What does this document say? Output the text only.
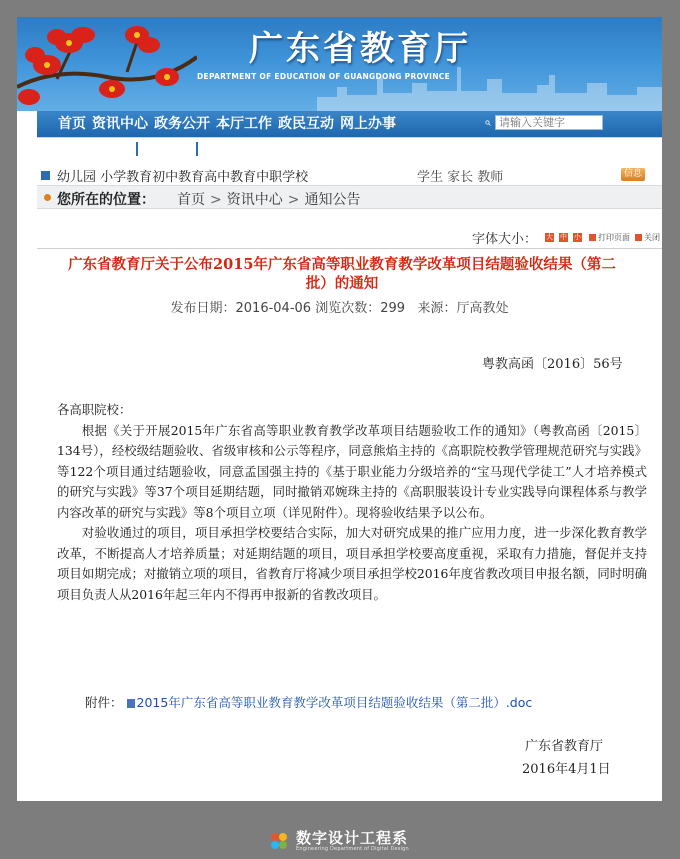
广东省教育厅
DEPARTMENT OF EDUCATION OF GUANGDONG PROVINCE
首页 资讯中心 政务公开 本厅工作 政民互动 网上办事
请输入关键字
幼儿园 小学教育初中教育高中教育中职学校	学生 家长 教师	信息
您所在的位置： 首页 > 资讯中心 > 通知公告
字体大小： 大 中 小	打印页面	关闭
广东省教育厅关于公布2015年广东省高等职业教育教学改革项目结题验收结果（第二
批）的通知
发布日期：2016-04-06 浏览次数：299 来源：厅高教处
粤教高函〔2016〕56号

各高职院校：

根据《关于开展2015年广东省高等职业教育教学改革项目结题验收工作的通知》（粤教高函〔2015〕134号），经校级结题验收、省级审核和公示等程序，同意熊焰主持的《高职院校教学管理规范研究与实践》等122个项目通过结题验收，同意孟国强主持的《基于职业能力分级培养的“宝马现代学徒工”人才培养模式的研究与实践》等37个项目延期结题，同时撤销邓婉珠主持的《高职服装设计专业实践导向课程体系与教学内容改革的研究与实践》等8个项目立项（详见附件）。现将验收结果予以公布。

对验收通过的项目，项目承担学校要结合实际，加大对研究成果的推广应用力度，进一步深化教育教学改革，不断提高人才培养质量；对延期结题的项目，项目承担学校要高度重视，采取有力措施，督促并支持项目如期完成；对撤销立项的项目，省教育厅将减少项目承担学校2016年度省教改项目申报名额，同时明确项目负责人从2016年起三年内不得再申报新的省教改项目。

附件： 2015年广东省高等职业教育教学改革项目结题验收结果（第二批）.doc
广东省教育厅
2016年4月1日
数字设计工程系
Engineering Department of Digital Design
